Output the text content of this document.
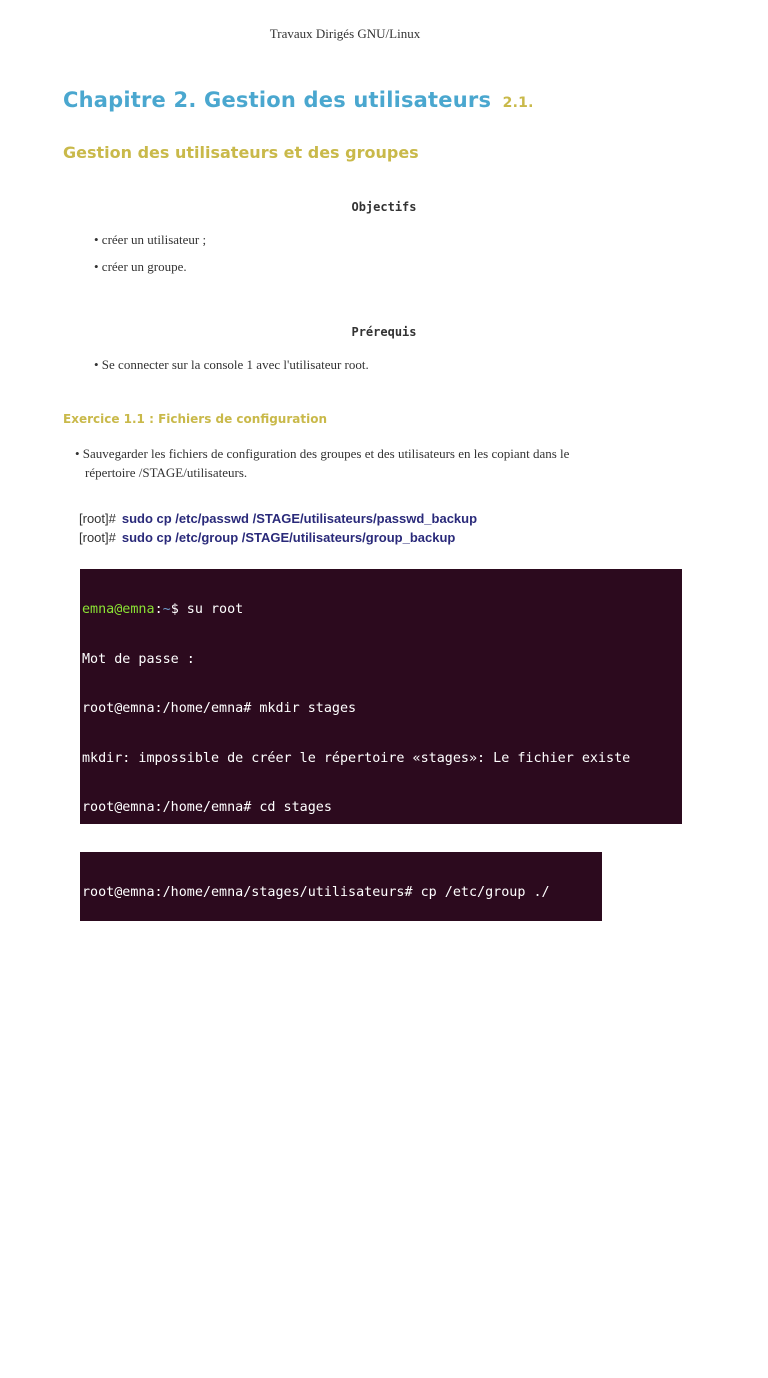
Travaux Dirigés GNU/Linux
Chapitre 2. Gestion des utilisateurs 2.1.
Gestion des utilisateurs et des groupes
Objectifs
• créer un utilisateur ;
• créer un groupe.
Prérequis
• Se connecter sur la console 1 avec l'utilisateur root.
Exercice 1.1 : Fichiers de configuration
• Sauvegarder les fichiers de configuration des groupes et des utilisateurs en les copiant dans le
répertoire /STAGE/utilisateurs.
[root]# sudo cp /etc/passwd /STAGE/utilisateurs/passwd_backup
[root]# sudo cp /etc/group /STAGE/utilisateurs/group_backup

emna@emna:~$ su root

Mot de passe :

root@emna:/home/emna# mkdir stages

mkdir: impossible de créer le répertoire «stages»: Le fichier existe

root@emna:/home/emna# cd stages

root@emna:/home/emna/stages# cd ..

root@emna:/home/emna# cp /etc/passwd /stages/utilisateurs

cp: impossible de créer le fichier standard '/stages/utilisateurs': A

r ou dossier de ce type

root@emna:/home/emna# cd stages

root@emna:/home/emna/stages# cd utilisateurs

root@emna:/home/emna/stages/utilisateurs# cp /etc/passwd ./

root@emna:/home/emna/stages/utilisateurs# ls

passwd

root@emna:/home/emna/stages/utilisateurs# cp /etc/group ./

root@emna:/home/emna/stages/utilisateurs# ls

group  passwd

root@emna:/home/emna/stages/utilisateurs#
